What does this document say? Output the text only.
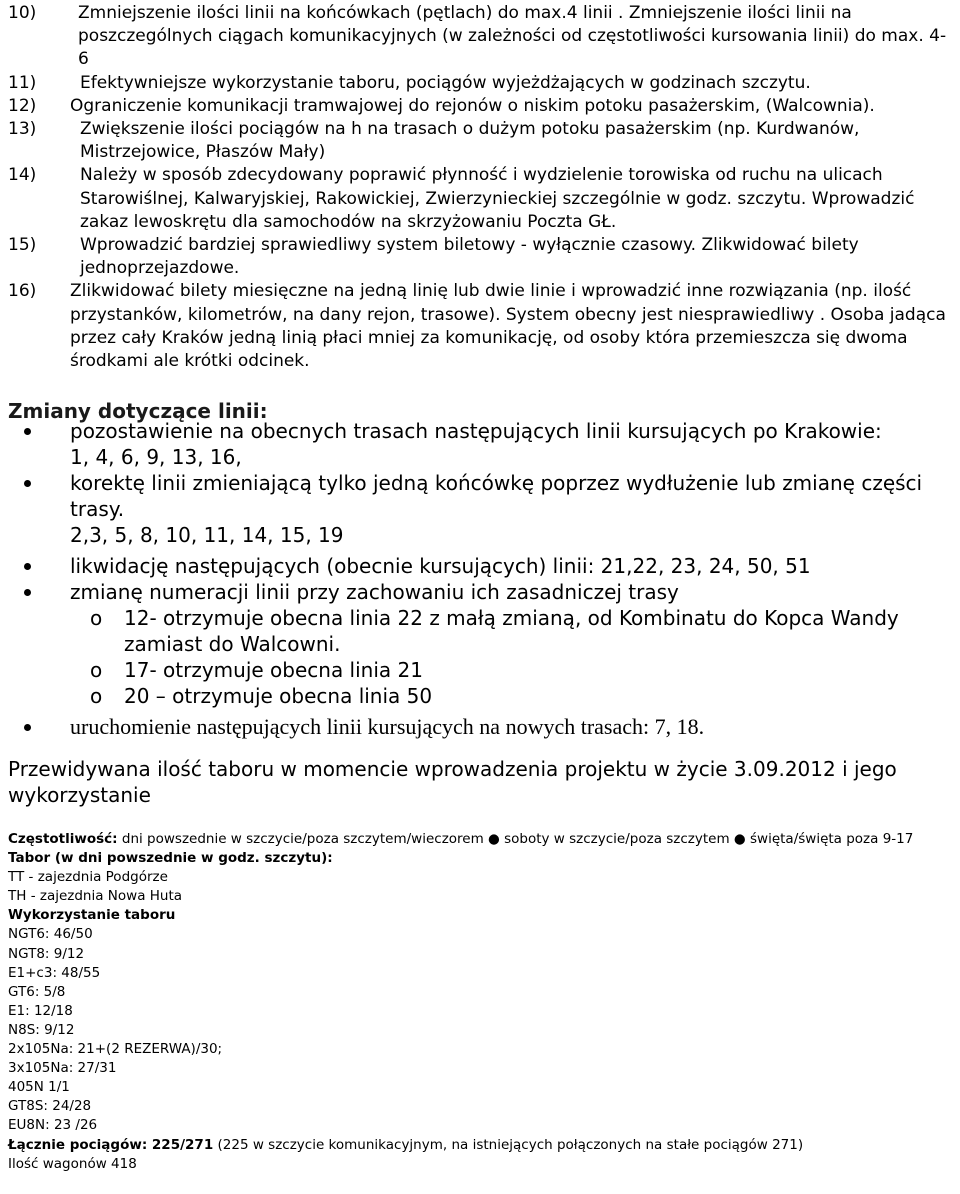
10)	Zmniejszenie ilości linii na końcówkach (pętlach) do max.4 linii . Zmniejszenie ilości linii na poszczególnych ciągach komunikacyjnych (w zależności od częstotliwości kursowania linii) do max. 4-6
11)	Efektywniejsze wykorzystanie taboru, pociągów wyjeżdżających w godzinach szczytu.
12)	Ograniczenie komunikacji tramwajowej do rejonów o niskim potoku pasażerskim, (Walcownia).
13)	Zwiększenie ilości pociągów na h na trasach o dużym potoku pasażerskim (np. Kurdwanów, Mistrzejowice, Płaszów Mały)
14)	Należy w sposób zdecydowany poprawić płynność i wydzielenie torowiska od ruchu na ulicach Starowiślnej, Kalwaryjskiej, Rakowickiej, Zwierzynieckiej szczególnie w godz. szczytu. Wprowadzić zakaz lewoskrętu dla samochodów na skrzyżowaniu Poczta GŁ.
15)	Wprowadzić bardziej sprawiedliwy system biletowy - wyłącznie czasowy. Zlikwidować bilety jednoprzejazdowe.
16)	Zlikwidować bilety miesięczne na jedną linię lub dwie linie i wprowadzić inne rozwiązania (np. ilość przystanków, kilometrów, na dany rejon, trasowe). System obecny jest niesprawiedliwy . Osoba jadąca przez cały Kraków jedną linią płaci mniej za komunikację, od osoby która przemieszcza się dwoma środkami ale krótki odcinek.
Zmiany dotyczące linii:
pozostawienie na obecnych trasach następujących linii kursujących po Krakowie:
1, 4, 6, 9, 13, 16,
korektę linii zmieniającą tylko jedną końcówkę poprzez wydłużenie lub zmianę części trasy.
2,3, 5, 8, 10, 11, 14, 15, 19
likwidację następujących (obecnie kursujących) linii: 21,22, 23, 24, 50, 51
zmianę numeracji linii przy zachowaniu ich zasadniczej trasy
o 12- otrzymuje obecna linia 22 z małą zmianą, od Kombinatu do Kopca Wandy zamiast do Walcowni.
o 17- otrzymuje obecna linia 21
o 20 – otrzymuje obecna linia 50
uruchomienie następujących linii kursujących na nowych trasach: 7, 18.
Przewidywana ilość taboru w momencie wprowadzenia projektu w życie 3.09.2012 i jego wykorzystanie
Częstotliwość: dni powszednie w szczycie/poza szczytem/wieczorem ● soboty w szczycie/poza szczytem ● święta/święta poza 9-17
Tabor (w dni powszednie w godz. szczytu):
TT - zajezdnia Podgórze
TH - zajezdnia Nowa Huta
Wykorzystanie taboru
NGT6: 46/50
NGT8: 9/12
E1+c3: 48/55
GT6: 5/8
E1: 12/18
N8S: 9/12
2x105Na: 21+(2 REZERWA)/30;
3x105Na: 27/31
405N 1/1
GT8S: 24/28
EU8N: 23 /26
Łącznie pociągów: 225/271 (225 w szczycie komunikacyjnym, na istniejących połączonych na stałe pociągów 271)
Ilość wagonów 418
